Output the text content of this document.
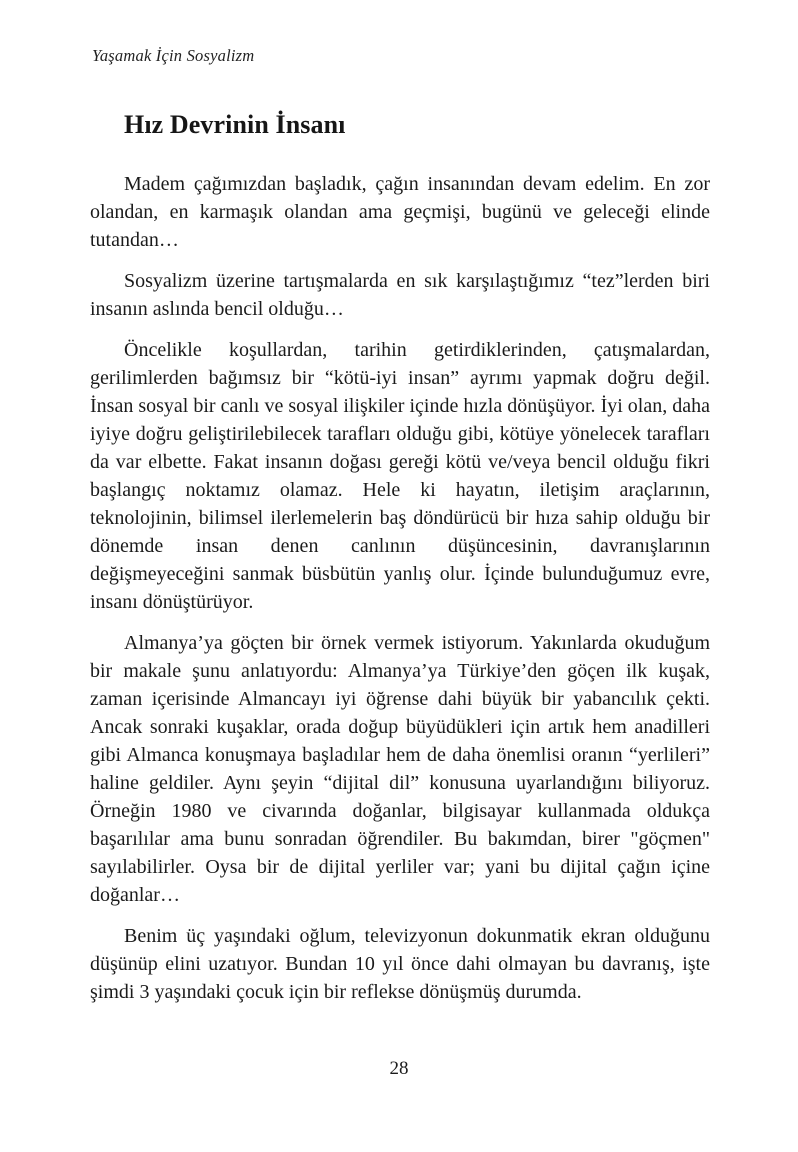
Yaşamak İçin Sosyalizm
Hız Devrinin İnsanı

Madem çağımızdan başladık, çağın insanından devam edelim. En zor olandan, en karmaşık olandan ama geçmişi, bugünü ve geleceği elinde tutandan…

Sosyalizm üzerine tartışmalarda en sık karşılaştığımız “tez”lerden biri insanın aslında bencil olduğu…

Öncelikle koşullardan, tarihin getirdiklerinden, çatışmalardan, gerilimlerden bağımsız bir “kötü-iyi insan” ayrımı yapmak doğru değil. İnsan sosyal bir canlı ve sosyal ilişkiler içinde hızla dönüşüyor. İyi olan, daha iyiye doğru geliştirilebilecek tarafları olduğu gibi, kötüye yönelecek tarafları da var elbette. Fakat insanın doğası gereği kötü ve/veya bencil olduğu fikri başlangıç noktamız olamaz. Hele ki hayatın, iletişim araçlarının, teknolojinin, bilimsel ilerlemelerin baş döndürücü bir hıza sahip olduğu bir dönemde insan denen canlının düşüncesinin, davranışlarının değişmeyeceğini sanmak büsbütün yanlış olur. İçinde bulunduğumuz evre, insanı dönüştürüyor.

Almanya’ya göçten bir örnek vermek istiyorum. Yakınlarda okuduğum bir makale şunu anlatıyordu: Almanya’ya Türkiye’den göçen ilk kuşak, zaman içerisinde Almancayı iyi öğrense dahi büyük bir yabancılık çekti. Ancak sonraki kuşaklar, orada doğup büyüdükleri için artık hem anadilleri gibi Almanca konuşmaya başladılar hem de daha önemlisi oranın “yerlileri” haline geldiler. Aynı şeyin “dijital dil” konusuna uyarlandığını biliyoruz. Örneğin 1980 ve civarında doğanlar, bilgisayar kullanmada oldukça başarılılar ama bunu sonradan öğrendiler. Bu bakımdan, birer "göçmen" sayılabilirler. Oysa bir de dijital yerliler var; yani bu dijital çağın içine doğanlar…

Benim üç yaşındaki oğlum, televizyonun dokunmatik ekran olduğunu düşünüp elini uzatıyor. Bundan 10 yıl önce dahi olmayan bu davranış, işte şimdi 3 yaşındaki çocuk için bir reflekse dönüşmüş durumda.

28
